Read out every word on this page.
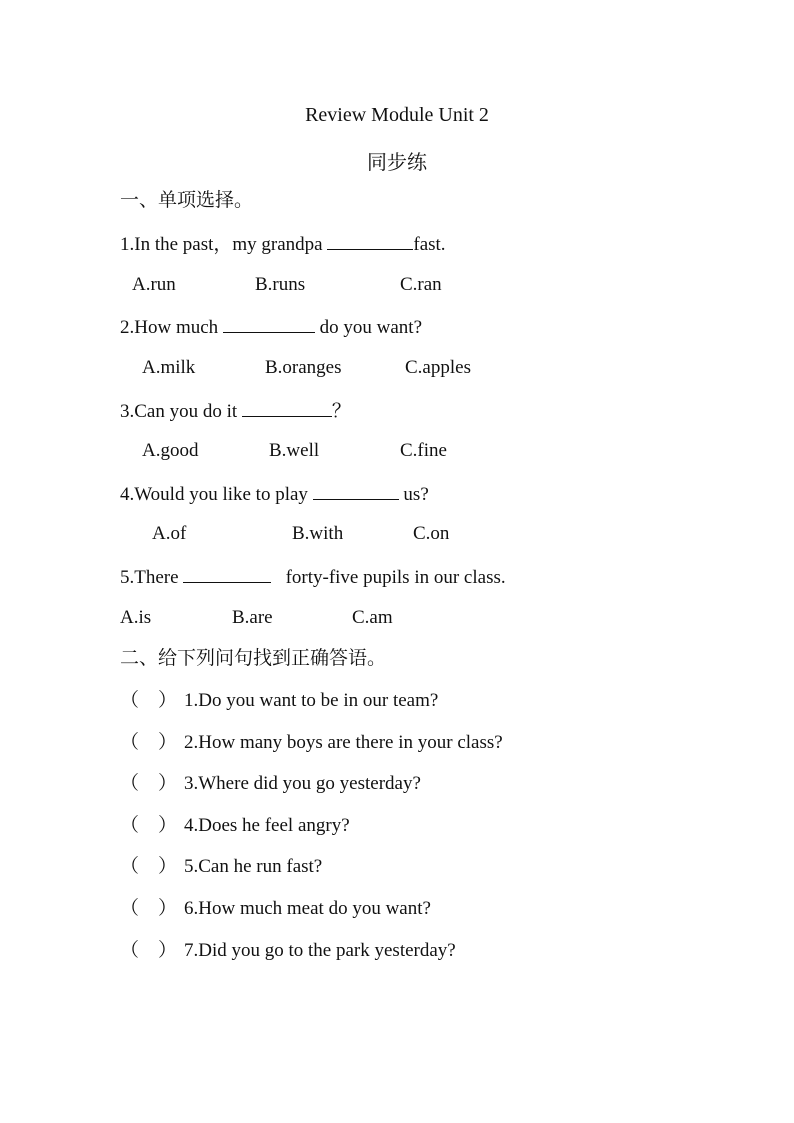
Review Module Unit 2
同步练
一、单项选择。
1.In the past，my grandpa	fast.
A.run	B.runs	C.ran
2.How much	do you want?
A.milk	B.oranges	C.apples
3.Can you do it	？
A.good	B.well	C.fine
4.Would you like to play	us?
A.of	B.with	C.on
5.There	forty-five pupils in our class.
A.is	B.are	C.am
二、给下列问句找到正确答语。
（ ） 1.Do you want to be in our team?
（ ） 2.How many boys are there in your class?
（ ） 3.Where did you go yesterday?
（ ） 4.Does he feel angry?
（ ） 5.Can he run fast?
（ ） 6.How much meat do you want?
（ ） 7.Did you go to the park yesterday?
